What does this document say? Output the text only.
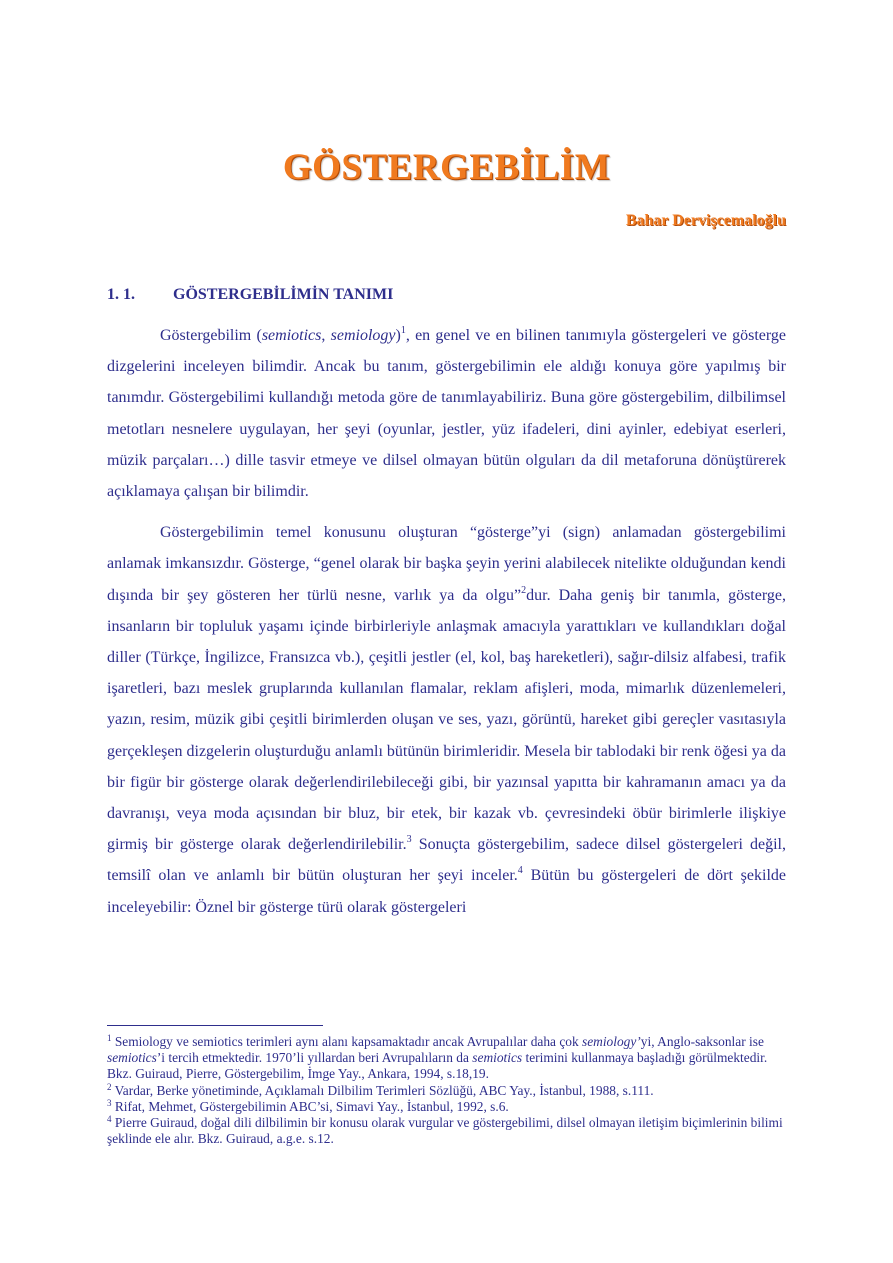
GÖSTERGEBİLİM
Bahar Dervişcemaloğlu
1. 1. GÖSTERGEBİLİMİN TANIMI

Göstergebilim (semiotics, semiology)$^1$, en genel ve en bilinen tanımıyla göstergeleri ve gösterge dizgelerini inceleyen bilimdir. Ancak bu tanım, göstergebilimin ele aldığı konuya göre yapılmış bir tanımdır. Göstergebilimi kullandığı metoda göre de tanımlayabiliriz. Buna göre göstergebilim, dilbilimsel metotları nesnelere uygulayan, her şeyi (oyunlar, jestler, yüz ifadeleri, dini ayinler, edebiyat eserleri, müzik parçaları…) dille tasvir etmeye ve dilsel olmayan bütün olguları da dil metaforuna dönüştürerek açıklamaya çalışan bir bilimdir.

Göstergebilimin temel konusunu oluşturan “gösterge”yi (sign) anlamadan göstergebilimi anlamak imkansızdır. Gösterge, “genel olarak bir başka şeyin yerini alabilecek nitelikte olduğundan kendi dışında bir şey gösteren her türlü nesne, varlık ya da olgu”$^2$dur. Daha geniş bir tanımla, gösterge, insanların bir topluluk yaşamı içinde birbirleriyle anlaşmak amacıyla yarattıkları ve kullandıkları doğal diller (Türkçe, İngilizce, Fransızca vb.), çeşitli jestler (el, kol, baş hareketleri), sağır-dilsiz alfabesi, trafik işaretleri, bazı meslek gruplarında kullanılan flamalar, reklam afişleri, moda, mimarlık düzenlemeleri, yazın, resim, müzik gibi çeşitli birimlerden oluşan ve ses, yazı, görüntü, hareket gibi gereçler vasıtasıyla gerçekleşen dizgelerin oluşturduğu anlamlı bütünün birimleridir. Mesela bir tablodaki bir renk öğesi ya da bir figür bir gösterge olarak değerlendirilebileceği gibi, bir yazınsal yapıtta bir kahramanın amacı ya da davranışı, veya moda açısından bir bluz, bir etek, bir kazak vb. çevresindeki öbür birimlerle ilişkiye girmiş bir gösterge olarak değerlendirilebilir.$^3$ Sonuçta göstergebilim, sadece dilsel göstergeleri değil, temsilî olan ve anlamlı bir bütün oluşturan her şeyi inceler.$^4$ Bütün bu göstergeleri de dört şekilde inceleyebilir: Öznel bir gösterge türü olarak göstergeleri

$^1$ Semiology ve semiotics terimleri aynı alanı kapsamaktadır ancak Avrupalılar daha çok semiology’yi, Anglo-saksonlar ise semiotics’i tercih etmektedir. 1970’li yıllardan beri Avrupalıların da semiotics terimini kullanmaya başladığı görülmektedir. Bkz. Guiraud, Pierre, Göstergebilim, İmge Yay., Ankara, 1994, s.18,19.

$^2$ Vardar, Berke yönetiminde, Açıklamalı Dilbilim Terimleri Sözlüğü, ABC Yay., İstanbul, 1988, s.111.

$^3$ Rifat, Mehmet, Göstergebilimin ABC’si, Simavi Yay., İstanbul, 1992, s.6.

$^4$ Pierre Guiraud, doğal dili dilbilimin bir konusu olarak vurgular ve göstergebilimi, dilsel olmayan iletişim biçimlerinin bilimi şeklinde ele alır. Bkz. Guiraud, a.g.e. s.12.
